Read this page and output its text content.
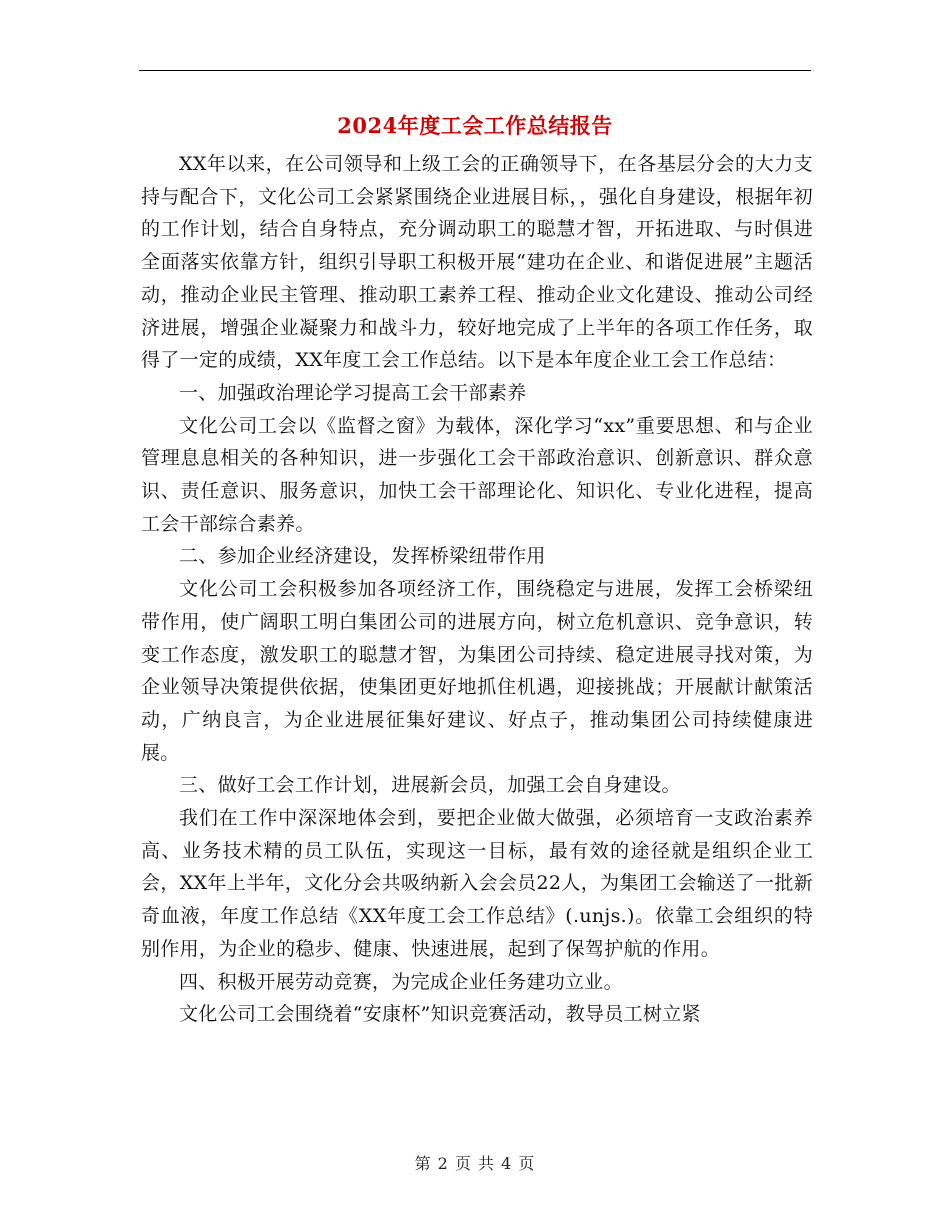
2024年度工会工作总结报告

XX年以来，在公司领导和上级工会的正确领导下，在各基层分会的大力支持与配合下，文化公司工会紧紧围绕企业进展目标，，强化自身建设，根据年初的工作计划，结合自身特点，充分调动职工的聪慧才智，开拓进取、与时俱进全面落实依靠方针，组织引导职工积极开展“建功在企业、和谐促进展”主题活动，推动企业民主管理、推动职工素养工程、推动企业文化建设、推动公司经济进展，增强企业凝聚力和战斗力，较好地完成了上半年的各项工作任务，取得了一定的成绩，XX年度工会工作总结。以下是本年度企业工会工作总结：

一、加强政治理论学习提高工会干部素养

文化公司工会以《监督之窗》为载体，深化学习“xx”重要思想、和与企业管理息息相关的各种知识，进一步强化工会干部政治意识、创新意识、群众意识、责任意识、服务意识，加快工会干部理论化、知识化、专业化进程，提高工会干部综合素养。

二、参加企业经济建设，发挥桥梁纽带作用

文化公司工会积极参加各项经济工作，围绕稳定与进展，发挥工会桥梁纽带作用，使广阔职工明白集团公司的进展方向，树立危机意识、竞争意识，转变工作态度，激发职工的聪慧才智，为集团公司持续、稳定进展寻找对策，为企业领导决策提供依据，使集团更好地抓住机遇，迎接挑战；开展献计献策活动，广纳良言，为企业进展征集好建议、好点子，推动集团公司持续健康进展。

三、做好工会工作计划，进展新会员，加强工会自身建设。

我们在工作中深深地体会到，要把企业做大做强，必须培育一支政治素养高、业务技术精的员工队伍，实现这一目标，最有效的途径就是组织企业工会，XX年上半年，文化分会共吸纳新入会会员22人，为集团工会输送了一批新奇血液，年度工作总结《XX年度工会工作总结》(.unjs.)。依靠工会组织的特别作用，为企业的稳步、健康、快速进展，起到了保驾护航的作用。

四、积极开展劳动竞赛，为完成企业任务建功立业。

文化公司工会围绕着“安康杯”知识竞赛活动，教导员工树立紧

第 2 页 共 4 页
